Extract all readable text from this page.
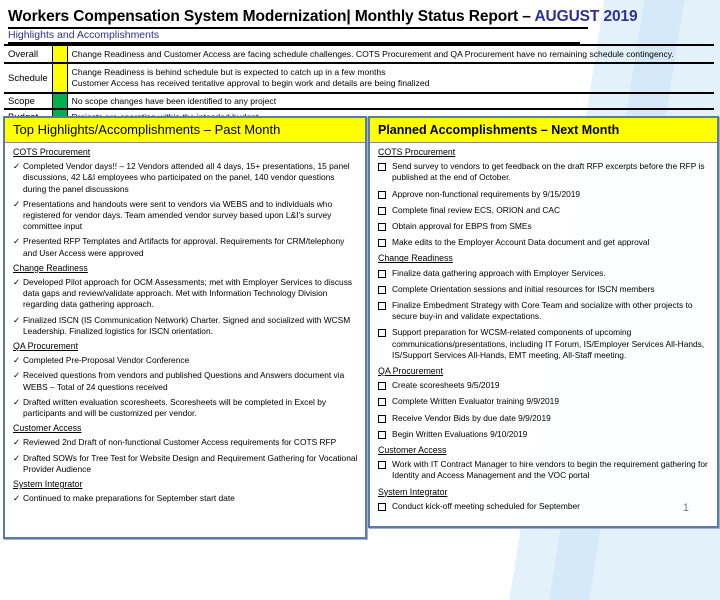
Workers Compensation System Modernization| Monthly Status Report – AUGUST 2019
Highlights and Accomplishments
Overall		Change Readiness and Customer Access are facing schedule challenges. COTS Procurement and QA Procurement have no remaining schedule contingency.

Schedule		Change Readiness is behind schedule but is expected to catch up in a few months
Customer Access has received tentative approval to begin work and details are being finalized

Scope		No scope changes have been identified to any project

Top Highlights/Accomplishments – Past Month
COTS Procurement
✓ Completed Vendor days!! – 12 Vendors attended all 4 days, 15+ presentations, 15 panel discussions, 42 L&I employees who participated on the panel, 140 vendor questions during the panel discussions
✓ Presentations and handouts were sent to vendors via WEBS and to individuals who registered for vendor days. Team amended vendor survey based upon L&I’s survey committee input
✓ Presented RFP Templates and Artifacts for approval. Requirements for CRM/telephony and User Access were approved
Change Readiness
✓ Developed Pilot approach for OCM Assessments; met with Employer Services to discuss data gaps and review/validate approach. Met with Information Technology Division regarding data gathering approach.
✓ Finalized ISCN (IS Communication Network) Charter. Signed and socialized with WCSM Leadership. Finalized logistics for ISCN orientation.
QA Procurement
✓ Completed Pre-Proposal Vendor Conference
✓ Received questions from vendors and published Questions and Answers document via WEBS – Total of 24 questions received
✓ Drafted written evaluation scoresheets. Scoresheets will be completed in Excel by participants and will be customized per vendor.
Customer Access
✓ Reviewed 2nd Draft of non-functional Customer Access requirements for COTS RFP
✓ Drafted SOWs for Tree Test for Website Design and Requirement Gathering for Vocational Provider Audience
System Integrator
✓ Continued to make preparations for September start date
Planned Accomplishments – Next Month
COTS Procurement
Send survey to vendors to get feedback on the draft RFP excerpts before the RFP is published at the end of October.
Approve non-functional requirements by 9/15/2019
Complete final review ECS, ORION and CAC
Obtain approval for EBPS from SMEs
Make edits to the Employer Account Data document and get approval
Change Readiness
Finalize data gathering approach with Employer Services.
Complete Orientation sessions and initial resources for ISCN members
Finalize Embedment Strategy with Core Team and socialize with other projects to secure buy-in and validate expectations.
Support preparation for WCSM-related components of upcoming communications/presentations, including IT Forum, IS/Employer Services All-Hands, IS/Support Services All-Hands, EMT meeting, All-Staff meeting.
QA Procurement
Create scoresheets 9/5/2019
Complete Written Evaluator training 9/9/2019
Receive Vendor Bids by due date 9/9/2019
Begin Written Evaluations 9/10/2019
Customer Access
Work with IT Contract Manager to hire vendors to begin the requirement gathering for Identity and Access Management and the VOC portal
System Integrator
Conduct kick-off meeting scheduled for September	1
